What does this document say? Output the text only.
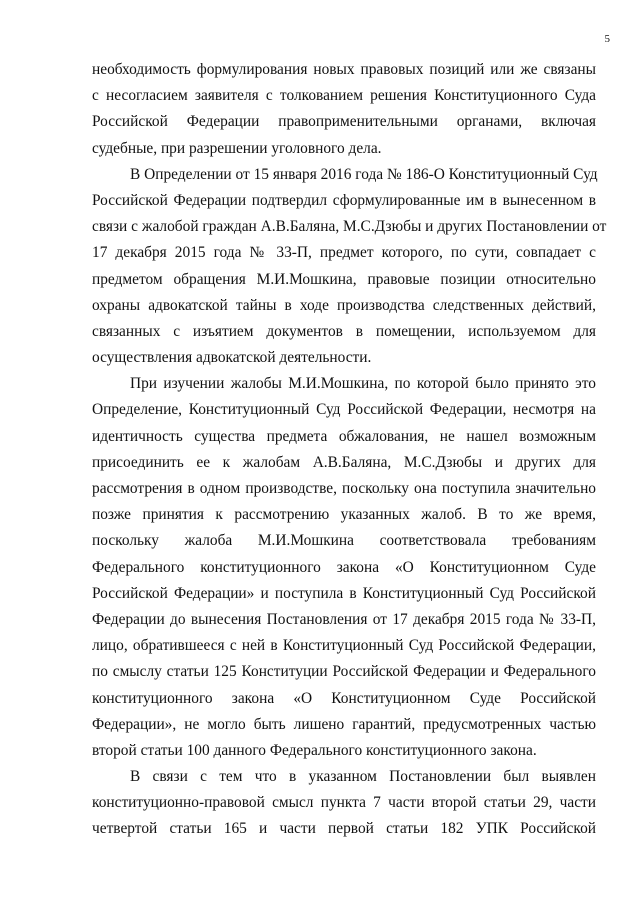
5
необходимость формулирования новых правовых позиций или же связаны
с несогласием заявителя с толкованием решения Конституционного Суда
Российской Федерации правоприменительными органами, включая
судебные, при разрешении уголовного дела.
В Определении от 15 января 2016 года № 186-О Конституционный Суд
Российской Федерации подтвердил сформулированные им в вынесенном в
связи с жалобой граждан А.В.Баляна, М.С.Дзюбы и других Постановлении от
17 декабря 2015 года № 33-П, предмет которого, по сути, совпадает с
предметом обращения М.И.Мошкина, правовые позиции относительно
охраны адвокатской тайны в ходе производства следственных действий,
связанных с изъятием документов в помещении, используемом для
осуществления адвокатской деятельности.
При изучении жалобы М.И.Мошкина, по которой было принято это
Определение, Конституционный Суд Российской Федерации, несмотря на
идентичность существа предмета обжалования, не нашел возможным
присоединить ее к жалобам А.В.Баляна, М.С.Дзюбы и других для
рассмотрения в одном производстве, поскольку она поступила значительно
позже принятия к рассмотрению указанных жалоб. В то же время,
поскольку жалоба М.И.Мошкина соответствовала требованиям
Федерального конституционного закона «О Конституционном Суде
Российской Федерации» и поступила в Конституционный Суд Российской
Федерации до вынесения Постановления от 17 декабря 2015 года № 33-П,
лицо, обратившееся с ней в Конституционный Суд Российской Федерации,
по смыслу статьи 125 Конституции Российской Федерации и Федерального
конституционного закона «О Конституционном Суде Российской
Федерации», не могло быть лишено гарантий, предусмотренных частью
второй статьи 100 данного Федерального конституционного закона.
В связи с тем что в указанном Постановлении был выявлен
конституционно-правовой смысл пункта 7 части второй статьи 29, части
четвертой статьи 165 и части первой статьи 182 УПК Российской
